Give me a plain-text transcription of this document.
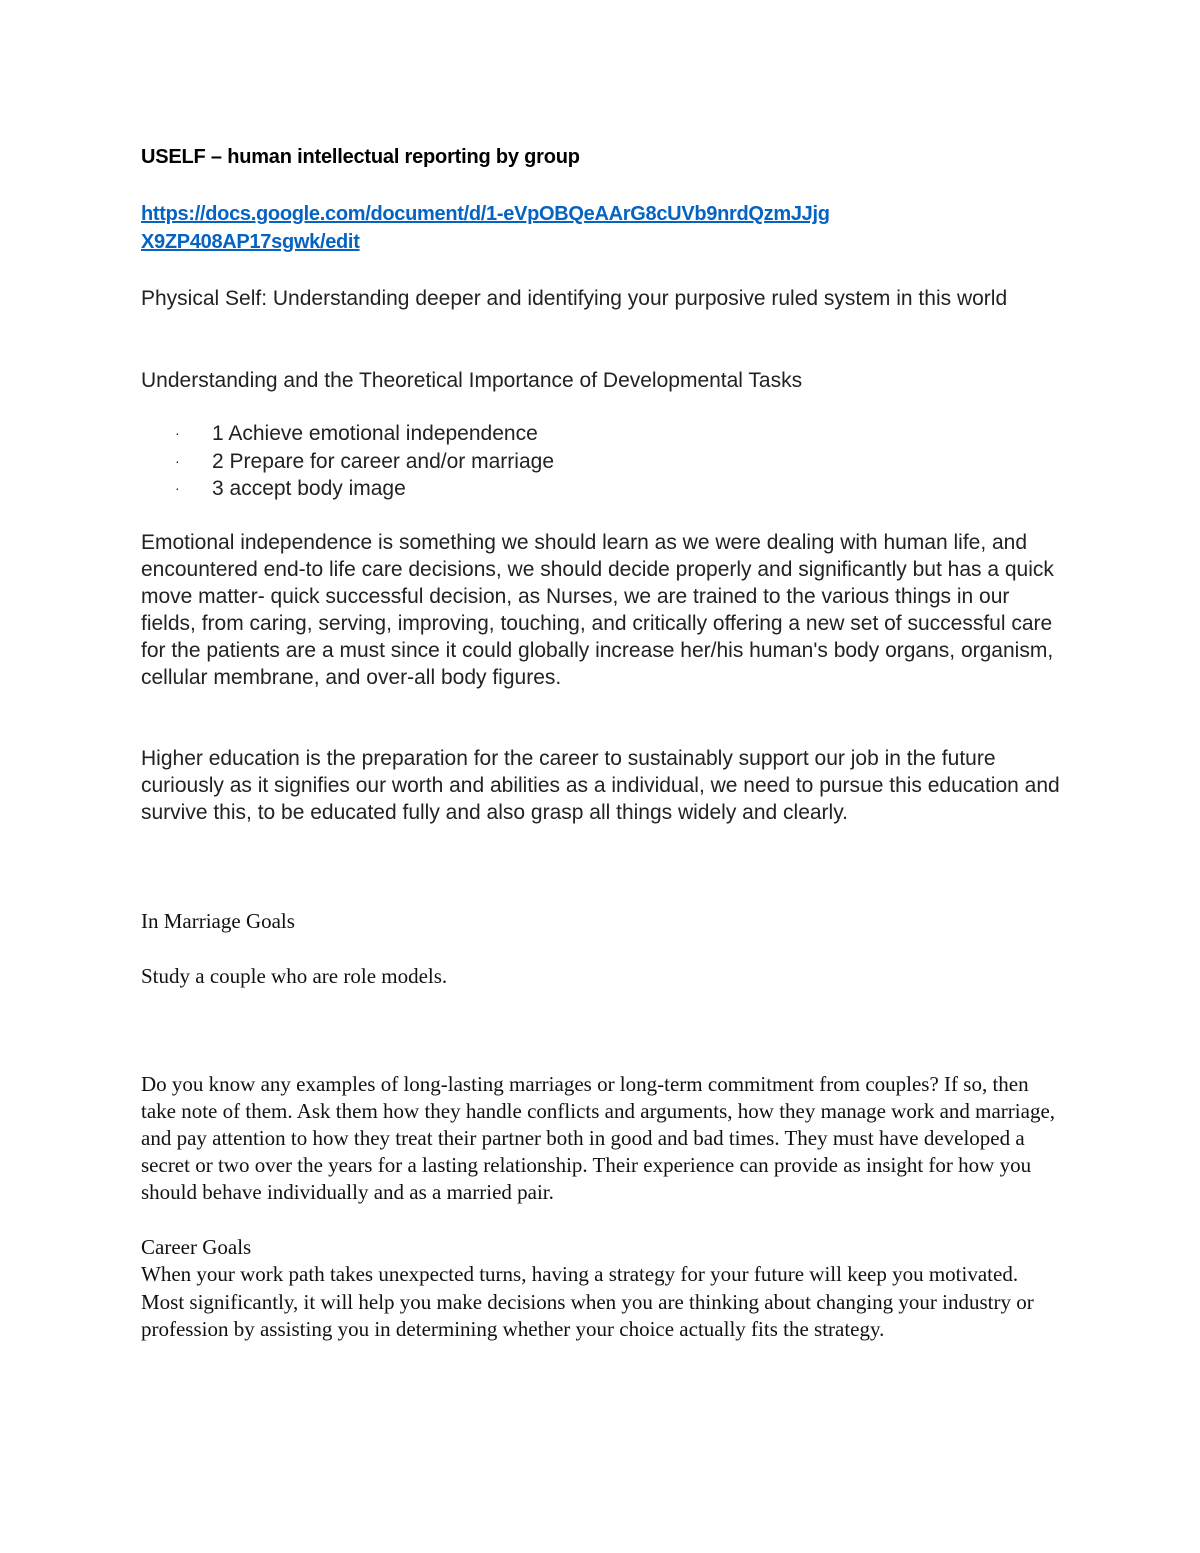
USELF – human intellectual reporting by group
https://docs.google.com/document/d/1-eVpOBQeAArG8cUVb9nrdQzmJJjgX9ZP408AP17sgwk/edit

Physical Self: Understanding deeper and identifying your purposive ruled system in this world

Understanding and the Theoretical Importance of Developmental Tasks

· 1 Achieve emotional independence
· 2 Prepare for career and/or marriage
· 3 accept body image

Emotional independence is something we should learn as we were dealing with human life, and encountered end-to life care decisions, we should decide properly and significantly but has a quick move matter- quick successful decision, as Nurses, we are trained to the various things in our fields, from caring, serving, improving, touching, and critically offering a new set of successful care for the patients are a must since it could globally increase her/his human's body organs, organism, cellular membrane, and over-all body figures.

Higher education is the preparation for the career to sustainably support our job in the future curiously as it signifies our worth and abilities as a individual, we need to pursue this education and survive this, to be educated fully and also grasp all things widely and clearly.

In Marriage Goals

Study a couple who are role models.

Do you know any examples of long-lasting marriages or long-term commitment from couples? If so, then take note of them. Ask them how they handle conflicts and arguments, how they manage work and marriage, and pay attention to how they treat their partner both in good and bad times. They must have developed a secret or two over the years for a lasting relationship. Their experience can provide as insight for how you should behave individually and as a married pair.

Career Goals

When your work path takes unexpected turns, having a strategy for your future will keep you motivated. Most significantly, it will help you make decisions when you are thinking about changing your industry or profession by assisting you in determining whether your choice actually fits the strategy.
